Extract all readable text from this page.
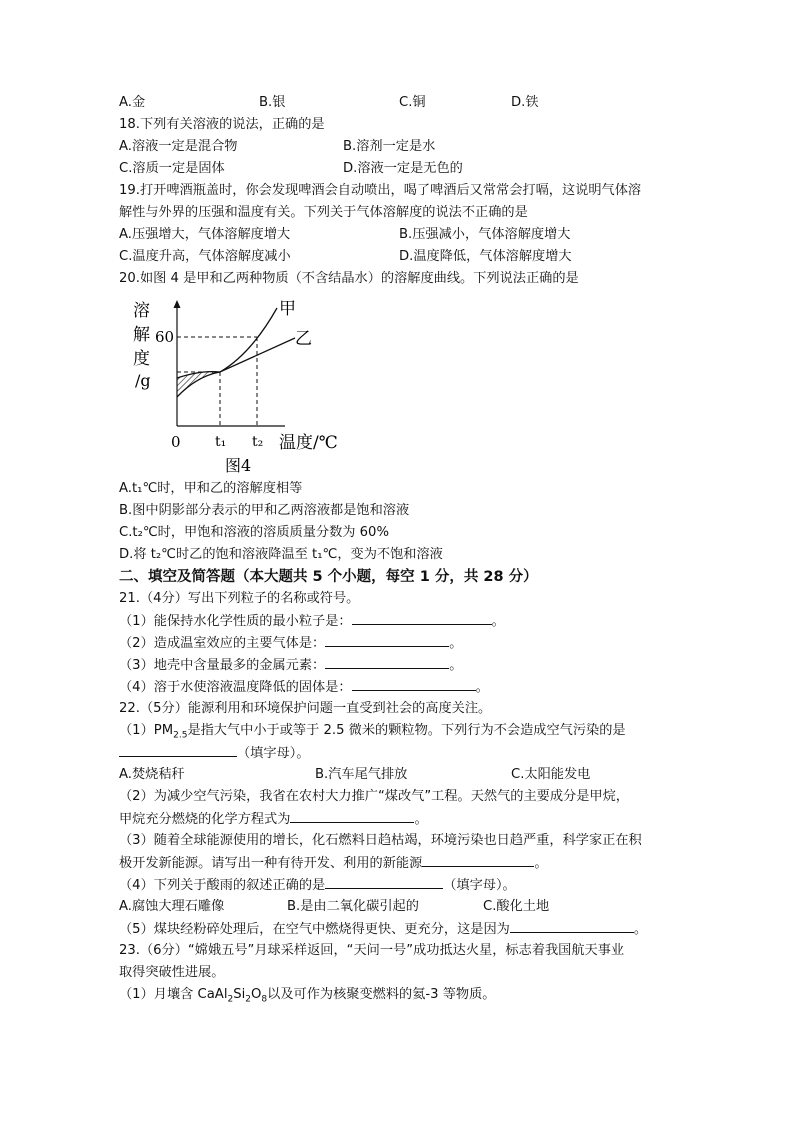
A.金	B.银	C.铜	D.铁
18.下列有关溶液的说法，正确的是
A.溶液一定是混合物	B.溶剂一定是水
C.溶质一定是固体	D.溶液一定是无色的
19.打开啤酒瓶盖时，你会发现啤酒会自动喷出，喝了啤酒后又常常会打嗝，这说明气体溶
解性与外界的压强和温度有关。下列关于气体溶解度的说法不正确的是
A.压强增大，气体溶解度增大	B.压强减小，气体溶解度增大
C.温度升高，气体溶解度减小	D.温度降低，气体溶解度增大
20.如图 4 是甲和乙两种物质（不含结晶水）的溶解度曲线。下列说法正确的是
甲
乙
溶
解
度
/g
60
0 t₁ t₂ 温度/℃
图4
A.t₁℃时，甲和乙的溶解度相等
B.图中阴影部分表示的甲和乙两溶液都是饱和溶液
C.t₂℃时，甲饱和溶液的溶质质量分数为 60%
D.将 t₂℃时乙的饱和溶液降温至 t₁℃，变为不饱和溶液
二、填空及简答题（本大题共 5 个小题，每空 1 分，共 28 分）
21.（4分）写出下列粒子的名称或符号。
（1）能保持水化学性质的最小粒子是：	。
（2）造成温室效应的主要气体是：	。
（3）地壳中含量最多的金属元素：	。
（4）溶于水使溶液温度降低的固体是：	。
22.（5分）能源利用和环境保护问题一直受到社会的高度关注。
$(1)PM_{2.5}$是指大气中小于或等于 2.5 微米的颗粒物。下列行为不会造成空气污染的是
（填字母）。
A.焚烧秸秆	B.汽车尾气排放	C.太阳能发电
（2）为减少空气污染，我省在农村大力推广“煤改气”工程。天然气的主要成分是甲烷，
甲烷充分燃烧的化学方程式为	。
（3）随着全球能源使用的增长，化石燃料日趋枯竭，环境污染也日趋严重，科学家正在积
极开发新能源。请写出一种有待开发、利用的新能源	。
（4）下列关于酸雨的叙述正确的是	（填字母）。
A.腐蚀大理石雕像	B.是由二氧化碳引起的	C.酸化土地
（5）煤块经粉碎处理后，在空气中燃烧得更快、更充分，这是因为	。
23.（6分）“嫦娥五号”月球采样返回，“天问一号”成功抵达火星，标志着我国航天事业
取得突破性进展。
（1）月壤含 $CaAl_2Si_2O_8$以及可作为核聚变燃料的氦-3 等物质。
